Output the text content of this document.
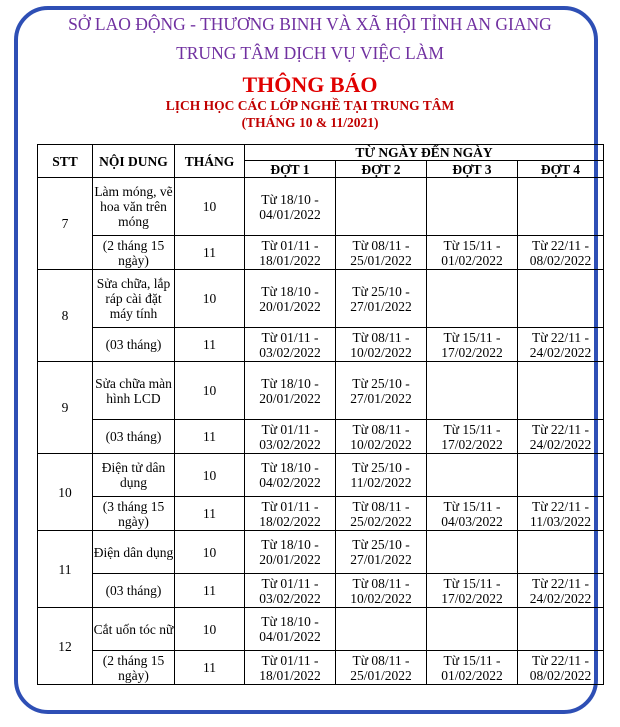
SỞ LAO ĐỘNG - THƯƠNG BINH VÀ XÃ HỘI TỈNH AN GIANG
TRUNG TÂM DỊCH VỤ VIỆC LÀM
THÔNG BÁO
LỊCH HỌC CÁC LỚP NGHỀ TẠI TRUNG TÂM
(THÁNG 10 & 11/2021)
STT	NỘI DUNG	THÁNG	TỪ NGÀY ĐẾN NGÀY			
			ĐỢT 1	ĐỢT 2	ĐỢT 3	ĐỢT 4
7	Làm móng, vẽ hoa văn trên móng	10	Từ 18/10 - 04/01/2022			
	(2 tháng 15 ngày)	11	Từ 01/11 - 18/01/2022	Từ 08/11 - 25/01/2022	Từ 15/11 - 01/02/2022	Từ 22/11 - 08/02/2022
8	Sửa chữa, lắp ráp cài đặt máy tính	10	Từ 18/10 - 20/01/2022	Từ 25/10 - 27/01/2022		
	(03 tháng)	11	Từ 01/11 - 03/02/2022	Từ 08/11 - 10/02/2022	Từ 15/11 - 17/02/2022	Từ 22/11 - 24/02/2022
9	Sửa chữa màn hình LCD	10	Từ 18/10 - 20/01/2022	Từ 25/10 - 27/01/2022		
	(03 tháng)	11	Từ 01/11 - 03/02/2022	Từ 08/11 - 10/02/2022	Từ 15/11 - 17/02/2022	Từ 22/11 - 24/02/2022
10	Điện tử dân dụng	10	Từ 18/10 - 04/02/2022	Từ 25/10 - 11/02/2022		
	(3 tháng 15 ngày)	11	Từ 01/11 - 18/02/2022	Từ 08/11 - 25/02/2022	Từ 15/11 - 04/03/2022	Từ 22/11 - 11/03/2022
11	Điện dân dụng	10	Từ 18/10 - 20/01/2022	Từ 25/10 - 27/01/2022		
	(03 tháng)	11	Từ 01/11 - 03/02/2022	Từ 08/11 - 10/02/2022	Từ 15/11 - 17/02/2022	Từ 22/11 - 24/02/2022
12	Cắt uốn tóc nữ	10	Từ 18/10 - 04/01/2022			
	(2 tháng 15 ngày)	11	Từ 01/11 - 18/01/2022	Từ 08/11 - 25/01/2022	Từ 15/11 - 01/02/2022	Từ 22/11 - 08/02/2022
